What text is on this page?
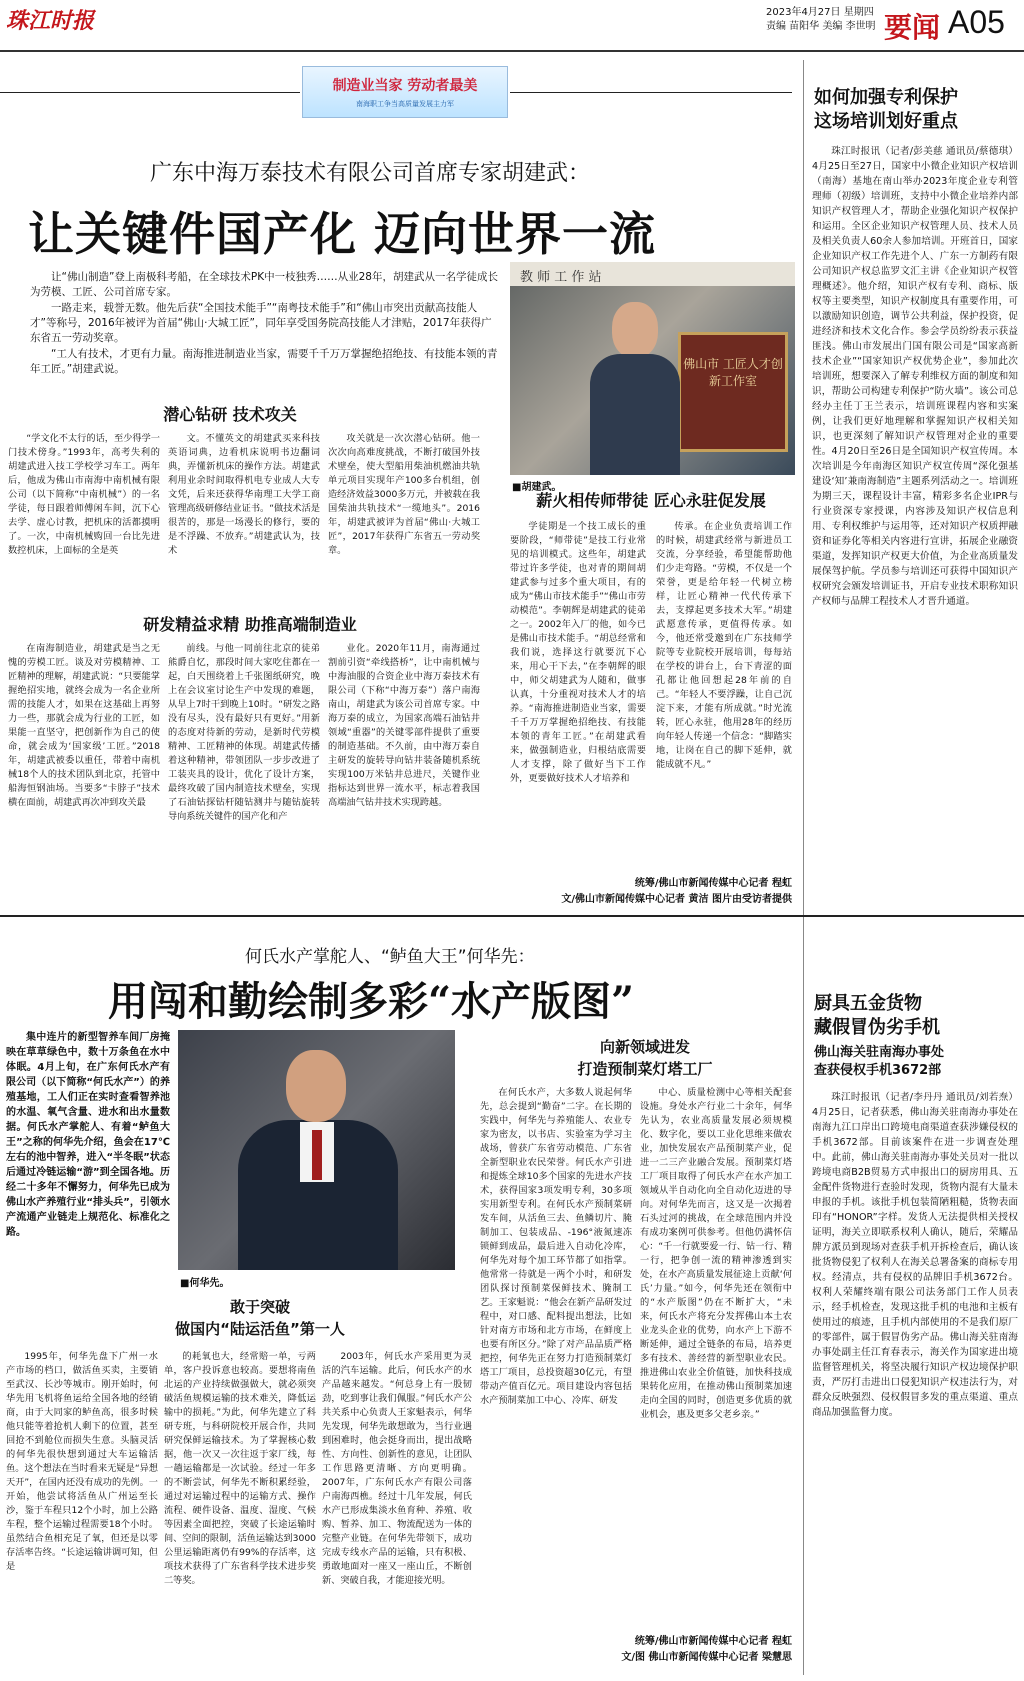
珠江时报	2023年4月27日 星期四
责编 苗阳华 美编 李世明 要闻 A05
制造业当家 劳动者最美
南海职工争当高质量发展主力军
广东中海万泰技术有限公司首席专家胡建武：
让关键件国产化 迈向世界一流

让“佛山制造”登上南极科考船，在全球技术PK中一枝独秀……从业28年，胡建武从一名学徒成长为劳模、工匠、公司首席专家。

一路走来，载誉无数。他先后获“全国技术能手”“南粤技术能手”和“佛山市突出贡献高技能人才”等称号，2016年被评为首届“佛山·大城工匠”，同年享受国务院高技能人才津贴，2017年获得广东省五一劳动奖章。

“工人有技术，才更有力量。南海推进制造业当家，需要千千万万掌握绝招绝技、有技能本领的青年工匠。”胡建武说。

教 师 工 作 站
佛山市 工匠人才创新工作室
■胡建武。
潜心钻研 技术攻关

“学文化不太行的话，至少得学一门技术傍身。”1993年，高考失利的胡建武进入技工学校学习车工。两年后，他成为佛山市南海中南机械有限公司（以下简称“中南机械”）的一名学徒，每日跟着师傅闲车间，沉下心去学、虚心讨教，把机床的活都摸明了。一次，中南机械购回一台比先进数控机床，上面标的全是英

文。不懂英文的胡建武买来科技英语词典，边看机床说明书边翻词典，弄懂新机床的操作方法。胡建武利用业余时间取得机电专业成人大专文凭，后来还获得华南理工大学工商管理高级研修结业证书。“做技术活是很苦的，那是一场漫长的修行，要的是不浮躁、不放弃。”胡建武认为，技术

攻关就是一次次潜心钻研。他一次次向高难度挑战，不断打破国外技术壁垒，使大型船用柴油机燃油共轨单元项目实现年产100多台机组，创造经济效益3000多万元，并被载在我国柴油共轨技术“一缆地头”。2016年，胡建武被评为首届“佛山·大城工匠”，2017年获得广东省五一劳动奖章。

研发精益求精 助推高端制造业

在南海制造业，胡建武是当之无愧的劳模工匠。谈及对劳模精神、工匠精神的理解，胡建武说：“只要能掌握绝招实地，就终会成为一名企业所需的技能人才，如果在这基础上再努力一些，那就会成为行业的工匠，如果能一直坚守，把创新作为自己的使命，就会成为‘国家级’工匠。”2018年，胡建武被委以重任，带着中南机械18个人的技术团队到北京，托管中船海恒钢油场。当要多“卡脖子”技术横在面前，胡建武再次冲到攻关最

前线。与他一同前往北京的徒弟熊爵自忆，那段时间大家吃住都在一起，白天围绕着上千张图纸研究，晚上在会议室讨论生产中发现的难题，从早上7时干到晚上10时。“研发之路没有尽头，没有最好只有更好。”用新的态度对待新的劳动，是新时代劳模精神、工匠精神的体现。胡建武传播着这种精神，带领团队一步步改进了工装夹具的设计，优化了设计方案，最终攻破了国内制造技术壁垒，实现了石油钻探钻杆随钻测井与随钻旋转导向系统关键件的国产化和产

业化。2020年11月，南海通过割前引资“牵线搭桥”，让中南机械与中海油服的合资企业中海万泰技术有限公司（下称“中海万泰”）落户南海南山，胡建武为该公司首席专家。中海万泰的成立，为国家高端石油钻井领域“重器”的关键零部件提供了重要的制造基础。不久前，由中海万泰自主研发的旋转导向钻井装备随机系统实现100万米钻井总进尺，关键作业指标达到世界一流水平，标志着我国高端油气钻井技术实现跨越。

薪火相传师带徒 匠心永驻促发展

学徒期是一个技工成长的重要阶段，“师带徒”是技工行业常见的培训模式。这些年，胡建武带过许多学徒，也对青的期间胡建武参与过多个重大项目，有的成为“佛山市技术能手”“佛山市劳动模范”。李朝辉是胡建武的徒弟之一。2002年入厂的他，如今已是佛山市技术能手。“胡总经常和我们说，选择这行就要沉下心来，用心干下去，”在李朝辉的眼中，师父胡建武为人随和，做事认真，十分重视对技术人才的培养。“南海推进制造业当家，需要千千万万掌握绝招绝技、有技能本领的青年工匠。”在胡建武看来，做强制造业，归根结底需要人才支撑，除了做好当下工作外，更要做好技术人才培养和

传承。在企业负责培训工作的时候，胡建武经常与新进员工交流，分享经验，希望能帮助他们少走弯路。“劳模，不仅是一个荣誉，更是给年轻一代树立榜样，让匠心精神一代代传承下去，支撑起更多技术大军。”胡建武愿意传承，更值得传承。如今，他还常受邀到在广东技师学院等专业院校开展培训，每每站在学校的讲台上，台下青涩的面孔都让他回想起28年前的自己。“年轻人不要浮躁，让自己沉淀下来，才能有所成就。”时光流转，匠心永驻，他用28年的经历向年轻人传递一个信念：“脚踏实地，让岗在自己的脚下延伸，就能成就不凡。”

统筹/佛山市新闻传媒中心记者 程虹
文/佛山市新闻传媒中心记者 黄洁 图片由受访者提供
如何加强专利保护
这场培训划好重点

珠江时报讯（记者/彭美慈 通讯员/蔡德琪）4月25日至27日，国家中小微企业知识产权培训（南海）基地在南山举办2023年度企业专利管理师（初级）培训班，支持中小微企业培养内部知识产权管理人才，帮助企业强化知识产权保护和运用。全区企业知识产权管理人员、技术人员及相关负责人60余人参加培训。开班首日，国家企业知识产权工作先进个人、广东一方制药有限公司知识产权总监罗文汇主讲《企业知识产权管理概述》。他介绍，知识产权有专利、商标、版权等主要类型，知识产权制度具有重要作用，可以激励知识创造，调节公共利益，保护投资，促进经济和技术文化合作。参会学员纷纷表示获益匪浅。佛山市发展出门国有限公司是“国家高新技术企业”“国家知识产权优势企业”，参加此次培训班，想要深入了解专利维权方面的制度和知识，帮助公司构建专利保护“防火墙”。该公司总经办主任丁王兰表示，培训班课程内容和实案例，让我们更好地理解和掌握知识产权相关知识，也更深刻了解知识产权管理对企业的重要性。4月20日至26日是全国知识产权宣传周。本次培训是今年南海区知识产权宣传周“深化强基建设‘知’兼南海制造”主题系列活动之一。培训班为期三天，课程设计丰富，精彩多名企业IPR与行业资深专家授课，内容涉及知识产权信息利用、专利权维护与运用等，还对知识产权质押融资和证券化等相关内容进行宣讲，拓展企业融资渠道，发挥知识产权更大价值，为企业高质量发展保驾护航。学员参与培训还可获得中国知识产权研究会颁发培训证书，开启专业技术职称知识产权师与品牌工程技术人才晋升通道。

何氏水产掌舵人、“鲈鱼大王”何华先：
用闯和勤绘制多彩“水产版图”

集中连片的新型智养车间厂房掩映在草草绿色中，数十万条鱼在水中体眠。4月上旬，在广东何氏水产有限公司（以下简称“何氏水产”）的养殖基地，工人们正在实时查看智养池的水温、氧气含量、进水和出水量数据。何氏水产掌舵人、有着“鲈鱼大王”之称的何华先介绍，鱼会在17℃左右的池中智养，进入“半冬眠”状态后通过冷链运输“游”到全国各地。历经二十多年不懈努力，何华先已成为佛山水产养殖行业“排头兵”，引领水产流通产业链走上规范化、标准化之路。

■何华先。
敢于突破
做国内“陆运活鱼”第一人

1995年，何华先盘下广州一水产市场的档口，做活鱼买卖，主要销至武汉、长沙等城市。刚开始时，何华先用飞机将鱼运给全国各地的经销商，由于大同家的鲈鱼高，很多时候他只能等着抢机人剩下的位置，甚至回抢不到舱位而损失生意。头脑灵活的何华先很快想到通过大车运输活鱼。这个想法在当时看来无疑是“异想天开”，在国内还没有成功的先例。一开始，他尝试将活鱼从广州运至长沙，鉴于车程只12个小时，加上公路车程，整个运输过程需要18个小时。虽然结合鱼相充足了氧，但还是以零存活率告终。“长途运输讲调可知，但是

的耗氧也大，经常赔一单，亏两单，客户投诉意也较高。要想将南鱼北运的产业持续做强做大，就必须突破活鱼规模运输的技术难关，降低运输中的损耗。”为此，何华先建立了科研专班，与科研院校开展合作，共同研究保鲜运输技术。为了掌握核心数据，他一次又一次往返于家厂线，每一趟运输都是一次试验。经过一年多的不断尝试，何华先不断积累经验，通过对运输过程中的运输方式、操作流程、硬件设备、温度、湿度、气候等因素全面把控，突破了长途运输时间、空间的限制，活鱼运输达到3000公里运输距离仍有99%的存活率，这项技术获得了广东省科学技术进步奖二等奖。

2003年，何氏水产采用更为灵活的汽车运输。此后，何氏水产的水产品越来越发。“何总身上有一股韧劲，吃到事让我们佩服。”何氏水产公共关系中心负责人王家魁表示，何华先发现，何华先敢想敢为，当行业遇到困难时，他会挺身而出，提出战略性、方向性、创新性的意见，让团队工作思路更清晰、方向更明确。2007年，广东何氏水产有限公司落户南海西樵。经过十几年发展，何氏水产已形成集淡水鱼育种、养殖、收购、暂养、加工、物流配送为一体的完整产业链。在何华先带领下，成功完成专线水产品的运输，只有积极、勇敢地面对一座又一座山丘，不断创新、突破自我，才能迎接光明。

向新领域进发
打造预制菜灯塔工厂

在何氏水产，大多数人说起何华先，总会提到“勤奋”二字。在长期的实践中，何华先与养殖能人、农业专家为密友，以书店、实验室为学习主战场，曾获广东省劳动模范、广东省全新型职业农民荣誉。何氏水产引进和提炼全球10多个国家的先进水产技术，获得国家3项发明专利，30多项实用新型专利。在何氏水产预制菜研发车间，从活鱼三去、鱼鳞切片、腌制加工、包装成品、-196°液氮速冻锁鲜到成品，最后进入自动化冷库，何华先对每个加工环节都了如指掌。他常常一待就是一两个小时，和研发团队探讨预制菜保鲜技术、腌制工艺。王家魁说：“他会在新产品研发过程中，对口感、配料提出想法，比如针对南方市场和北方市场，在鲜度上也要有所区分。”除了对产品品质严格把控，何华先正在努力打造预制菜灯塔工厂项目，总投资超30亿元，有望带动产值百亿元。项目建设内容包括水产预制菜加工中心、冷库、研发

中心、质量检测中心等相关配套设施。身处水产行业二十余年，何华先认为，农业高质量发展必须规模化、数字化，要以工业化思维来做农业，加快发展农产品预制菜产业，促进一二三产业融合发展。预制菜灯塔工厂项目取得了何氏水产在水产加工领域从半自动化向全自动化迈进的导向。对何华先而言，这又是一次揭着石头过河的挑战，在全球范围内并没有成功案例可供参考。但他仍满怀信心：“千一行就要爱一行、钻一行、精一行，把争创一流的精神渗透到实处，在水产高质量发展征途上贡献‘何氏’力量。”如今，何华先还在领衔中的“水产版图”仍在不断扩大，“未来，何氏水产将充分发挥佛山本土农业龙头企业的优势，向水产上下游不断延伸，通过全链条的布局，培养更多有技术、善经营的新型职业农民。推进佛山农业全价值链，加快科技成果转化应用，在推动佛山预制菜加速走向全国的同时，创造更多优质的就业机会，惠及更多父老乡亲。”

统筹/佛山市新闻传媒中心记者 程虹
文/图 佛山市新闻传媒中心记者 梁慧思
厨具五金货物
藏假冒伪劣手机
佛山海关驻南海办事处
查获侵权手机3672部

珠江时报讯（记者/李丹丹 通讯员/刘若焘）4月25日，记者获悉，佛山海关驻南海办事处在南海九江口岸出口跨境电商渠道查获涉嫌侵权的手机3672部。目前该案件在进一步调查处理中。此前，佛山海关驻南海办事处关员对一批以跨境电商B2B贸易方式申报出口的厨房用具、五金配件货物进行查验时发现，货物内混有大量未申报的手机。该批手机包装简陋粗糙，货物表面印有“HONOR”字样。发货人无法提供相关授权证明，海关立即联系权利人确认，随后，荣耀品牌方派员到现场对查获手机开拆检查后，确认该批货物侵犯了权利人在海关总署备案的商标专用权。经清点，共有侵权的品牌旧手机3672台。权利人荣耀终端有限公司法务部门工作人员表示，经手机检查，发现这批手机的电池和主板有使用过的痕迹，且手机内部使用的不是我们原厂的零部件，属于假冒伪劣产品。佛山海关驻南海办事处副主任江育春表示，海关作为国家进出境监督管理机关，将坚决履行知识产权边境保护职责，严厉打击进出口侵犯知识产权违法行为，对群众反映强烈、侵权假冒多发的重点渠道、重点商品加强监督力度。
